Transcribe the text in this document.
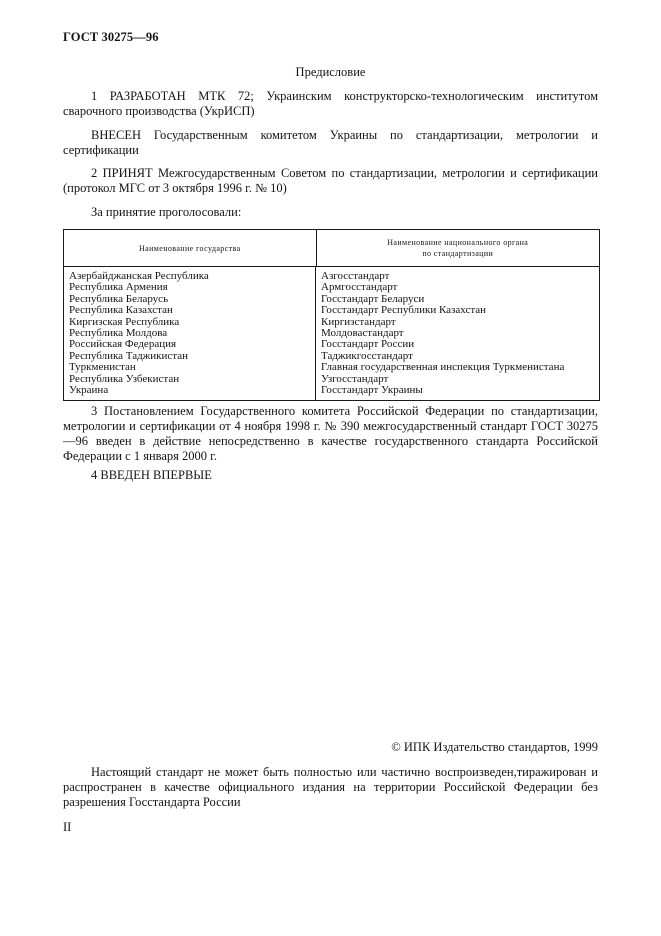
ГОСТ 30275—96
Предисловие

1 РАЗРАБОТАН МТК 72; Украинским конструкторско-технологическим институтом сварочного производства (УкрИСП)

ВНЕСЕН Государственным комитетом Украины по стандартизации, метрологии и сертификации

2 ПРИНЯТ Межгосударственным Советом по стандартизации, метрологии и сертификации (протокол МГС от 3 октября 1996 г. № 10)

За принятие проголосовали:

Наименование государства
Наименование национального органа по стандартизации
Азербайджанская Республика
Республика Армения
Республика Беларусь
Республика Казахстан
Киргизская Республика
Республика Молдова
Российская Федерация
Республика Таджикистан
Туркменистан
Республика Узбекистан
Украина
Азгосстандарт
Армгосстандарт
Госстандарт Беларуси
Госстандарт Республики Казахстан
Киргизстандарт
Молдовастандарт
Госстандарт России
Таджикгосстандарт
Главная государственная инспекция Туркменистана
Узгосстандарт
Госстандарт Украины

3 Постановлением Государственного комитета Российской Федерации по стандартизации, метрологии и сертификации от 4 ноября 1998 г. № 390 межгосударственный стандарт ГОСТ 30275—96 введен в действие непосредственно в качестве государственного стандарта Российской Федерации с 1 января 2000 г.

4 ВВЕДЕН ВПЕРВЫЕ

© ИПК Издательство стандартов, 1999

Настоящий стандарт не может быть полностью или частично воспроизведен,тиражирован и распространен в качестве официального издания на территории Российской Федерации без разрешения Госстандарта России

II
